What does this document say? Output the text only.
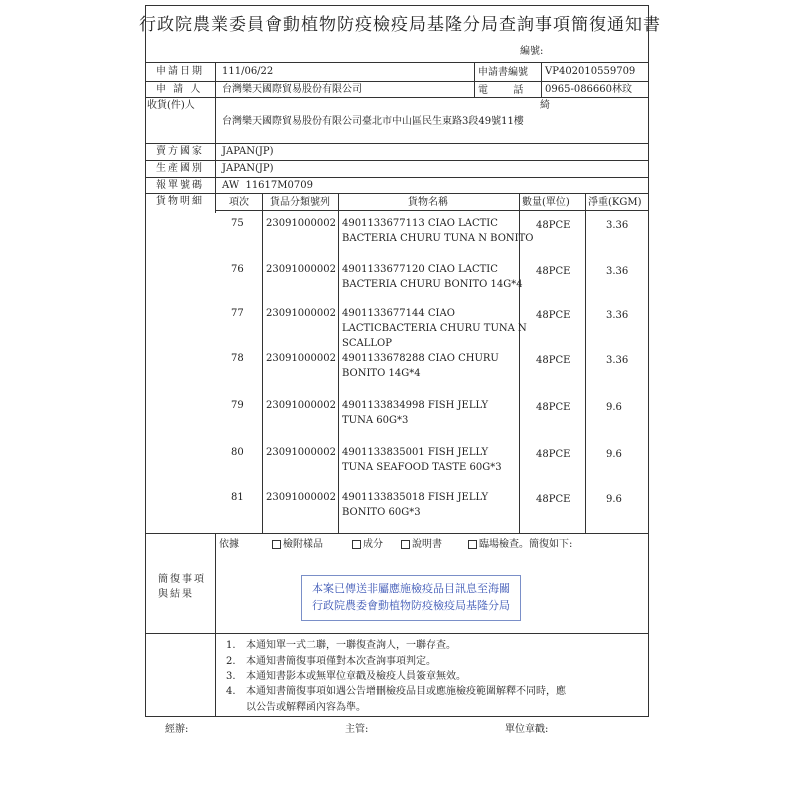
行政院農業委員會動植物防疫檢疫局基隆分局查詢事項簡復通知書
編號:
申請日期 111/06/22	申請書編號 VP402010559709
申 請 人 台灣樂天國際貿易股份有限公司	電        話 0965-086660林玟
收貨(件)人	綺
台灣樂天國際貿易股份有限公司臺北市中山區民生東路3段49號11樓
賣方國家 JAPAN(JP)
生產國別 JAPAN(JP)
報單號碼 AW  11617M0709
貨物明細	項次 貨品分類號列	貨物名稱	數量(單位) 淨重(KGM)
75 23091000002 4901133677113 CIAO LACTIC
BACTERIA CHURU TUNA N BONITO
48PCE	3.36
76 23091000002 4901133677120 CIAO LACTIC
BACTERIA CHURU BONITO 14G*4
48PCE	3.36
77 23091000002 4901133677144 CIAO
LACTICBACTERIA CHURU TUNA N
SCALLOP
48PCE	3.36
78 23091000002 4901133678288 CIAO CHURU
BONITO 14G*4
48PCE	3.36
79 23091000002 4901133834998 FISH JELLY
TUNA 60G*3
48PCE	9.6
80 23091000002 4901133835001 FISH JELLY
TUNA SEAFOOD TASTE 60G*3
48PCE	9.6
81 23091000002 4901133835018 FISH JELLY
BONITO 60G*3
48PCE	9.6
依據	檢附樣品	成分	說明書	臨場檢查。簡復如下:
簡復事項
與結果	本案已傳送非屬應施檢疫品目訊息至海關
行政院農委會動植物防疫檢疫局基隆分局
1. 本通知單一式二聯，一聯復查詢人，一聯存查。
2. 本通知書簡復事項僅對本次查詢事項判定。
3. 本通知書影本或無單位章戳及檢疫人員簽章無效。
4. 本通知書簡復事項如遇公告增刪檢疫品目或應施檢疫範圍解釋不同時，應
以公告或解釋函內容為準。
經辦:	主管:	單位章戳:
